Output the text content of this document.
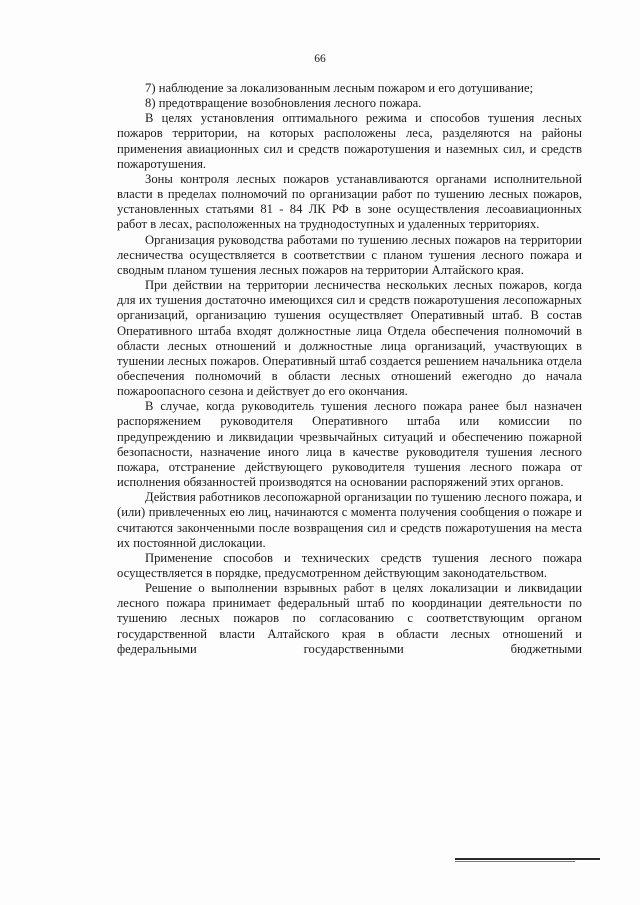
66

7) наблюдение за локализованным лесным пожаром и его дотушивание;

8) предотвращение возобновления лесного пожара.

В целях установления оптимального режима и способов тушения лесных пожаров территории, на которых расположены леса, разделяются на районы применения авиационных сил и средств пожаротушения и наземных сил, и средств пожаротушения.

Зоны контроля лесных пожаров устанавливаются органами исполнительной власти в пределах полномочий по организации работ по тушению лесных пожаров, установленных статьями 81 - 84 ЛК РФ в зоне осуществления лесоавиационных работ в лесах, расположенных на труднодоступных и удаленных территориях.

Организация руководства работами по тушению лесных пожаров на территории лесничества осуществляется в соответствии с планом тушения лесного пожара и сводным планом тушения лесных пожаров на территории Алтайского края.

При действии на территории лесничества нескольких лесных пожаров, когда для их тушения достаточно имеющихся сил и средств пожаротушения лесопожарных организаций, организацию тушения осуществляет Оперативный штаб. В состав Оперативного штаба входят должностные лица Отдела обеспечения полномочий в области лесных отношений и должностные лица организаций, участвующих в тушении лесных пожаров. Оперативный штаб создается решением начальника отдела обеспечения полномочий в области лесных отношений ежегодно до начала пожароопасного сезона и действует до его окончания.

В случае, когда руководитель тушения лесного пожара ранее был назначен распоряжением руководителя Оперативного штаба или комиссии по предупреждению и ликвидации чрезвычайных ситуаций и обеспечению пожарной безопасности, назначение иного лица в качестве руководителя тушения лесного пожара, отстранение действующего руководителя тушения лесного пожара от исполнения обязанностей производятся на основании распоряжений этих органов.

Действия работников лесопожарной организации по тушению лесного пожара, и (или) привлеченных ею лиц, начинаются с момента получения сообщения о пожаре и считаются законченными после возвращения сил и средств пожаротушения на места их постоянной дислокации.

Применение способов и технических средств тушения лесного пожара осуществляется в порядке, предусмотренном действующим законодательством.

Решение о выполнении взрывных работ в целях локализации и ликвидации лесного пожара принимает федеральный штаб по координации деятельности по тушению лесных пожаров по согласованию с соответствующим органом государственной власти Алтайского края в области лесных отношений и федеральными государственными бюджетными
